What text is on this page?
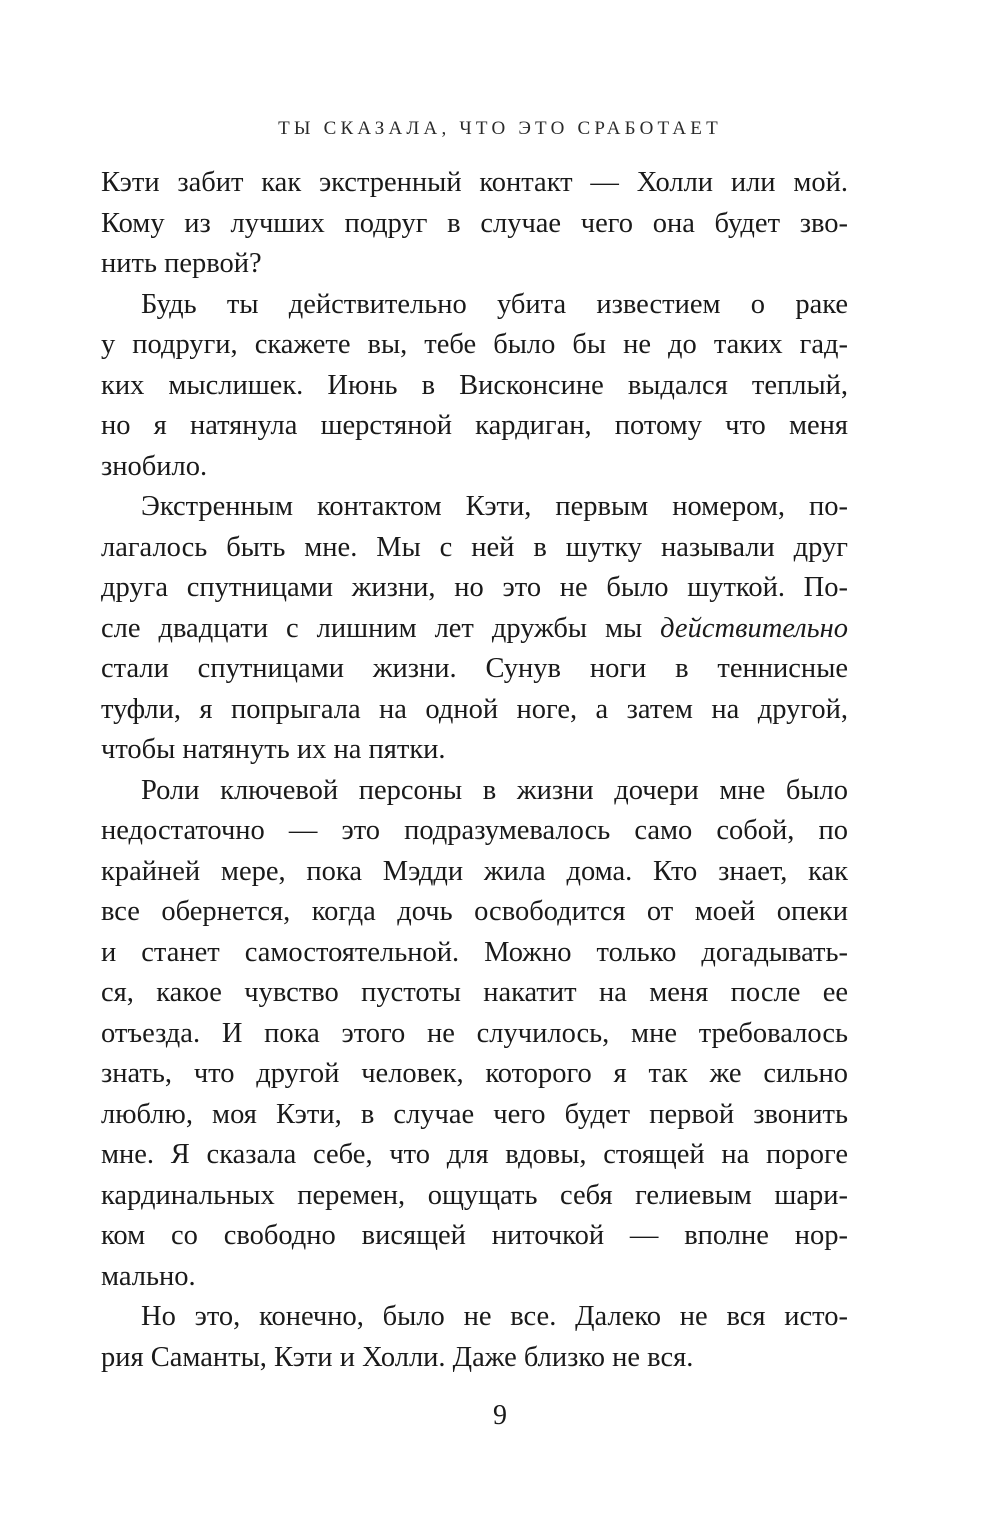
ТЫ СКАЗАЛА, ЧТО ЭТО СРАБОТАЕТ
Кэти забит как экстренный контакт — Холли или мой.
Кому из лучших подруг в случае чего она будет зво-
нить первой?
Будь ты действительно убита известием о раке
у подруги, скажете вы, тебе было бы не до таких гад-
ких мыслишек. Июнь в Висконсине выдался теплый,
но я натянула шерстяной кардиган, потому что меня
знобило.
Экстренным контактом Кэти, первым номером, по-
лагалось быть мне. Мы с ней в шутку называли друг
друга спутницами жизни, но это не было шуткой. По-
сле двадцати с лишним лет дружбы мы действительно
стали спутницами жизни. Сунув ноги в теннисные
туфли, я попрыгала на одной ноге, а затем на другой,
чтобы натянуть их на пятки.
Роли ключевой персоны в жизни дочери мне было
недостаточно — это подразумевалось само собой, по
крайней мере, пока Мэдди жила дома. Кто знает, как
все обернется, когда дочь освободится от моей опеки
и станет самостоятельной. Можно только догадывать-
ся, какое чувство пустоты накатит на меня после ее
отъезда. И пока этого не случилось, мне требовалось
знать, что другой человек, которого я так же сильно
люблю, моя Кэти, в случае чего будет первой звонить
мне. Я сказала себе, что для вдовы, стоящей на пороге
кардинальных перемен, ощущать себя гелиевым шари-
ком со свободно висящей ниточкой — вполне нор-
мально.
Но это, конечно, было не все. Далеко не вся исто-
рия Саманты, Кэти и Холли. Даже близко не вся.
9
